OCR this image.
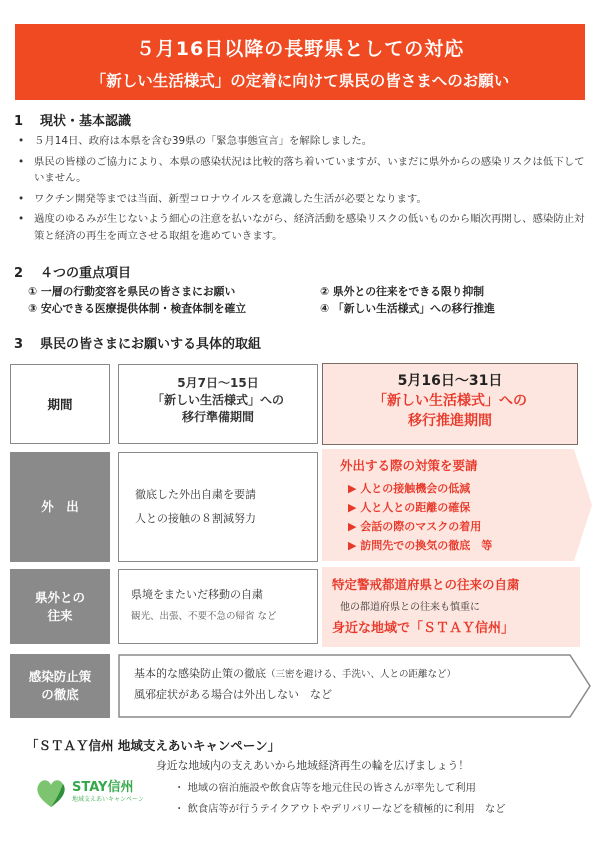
５月16日以降の長野県としての対応
「新しい生活様式」の定着に向けて県民の皆さまへのお願い
1 現状・基本認識
• ５月14日、政府は本県を含む39県の「緊急事態宣言」を解除しました。
• 県民の皆様のご協力により、本県の感染状況は比較的落ち着いていますが、いまだに県外からの感染リスクは低下していません。
• ワクチン開発等までは当面、新型コロナウイルスを意識した生活が必要となります。
• 過度のゆるみが生じないよう細心の注意を払いながら、経済活動を感染リスクの低いものから順次再開し、感染防止対策と経済の再生を両立させる取組を進めていきます。
2 ４つの重点項目
① 一層の行動変容を県民の皆さまにお願い	② 県外との往来をできる限り抑制
③ 安心できる医療提供体制・検査体制を確立	④ 「新しい生活様式」への移行推進
3 県民の皆さまにお願いする具体的取組
期間
5月7日～15日
「新しい生活様式」への
移行準備期間
5月16日～31日
「新しい生活様式」への
移行推進期間
外　出
徹底した外出自粛を要請
人との接触の８割減努力
外出する際の対策を要請
▶ 人との接触機会の低減
▶ 人と人との距離の確保
▶ 会話の際のマスクの着用
▶ 訪問先での換気の徹底　等
県外との
往来
県境をまたいだ移動の自粛
観光、出張、不要不急の帰省 など
特定警戒都道府県との往来の自粛
他の都道府県との往来も慎重に
身近な地域で「ＳＴＡＹ信州」
感染防止策
の徹底
基本的な感染防止策の徹底（三密を避ける、手洗い、人との距離など）
風邪症状がある場合は外出しない　など
「ＳＴＡＹ信州 地域支えあいキャンペーン」
身近な地域内の支えあいから地域経済再生の輪を広げましょう！
STAY信州
地域支えあいキャンペーン
・ 地域の宿泊施設や飲食店等を地元住民の皆さんが率先して利用
・ 飲食店等が行うテイクアウトやデリバリーなどを積極的に利用　など
